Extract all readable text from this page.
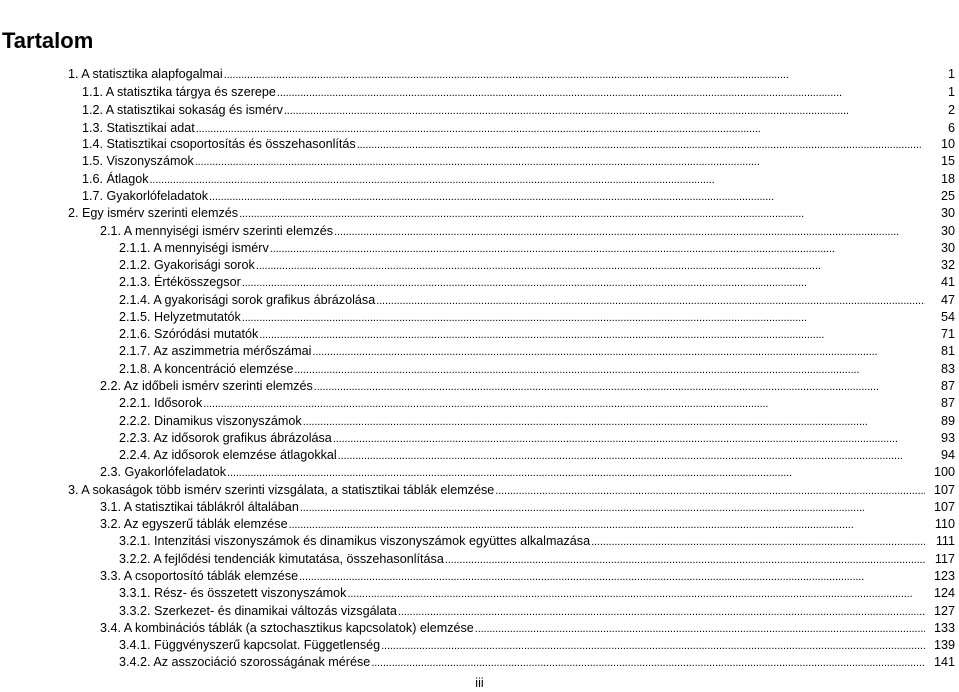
Tartalom
1. A statisztika alapfogalmai . . .	1
1.1. A statisztika tárgya és szerepe . . .	1
1.2. A statisztikai sokaság és ismérv . . .	2
1.3. Statisztikai adat . . .	6
1.4. Statisztikai csoportosítás és összehasonlítás . . .	10
1.5. Viszonyszámok . . .	15
1.6. Átlagok . . .	18
1.7. Gyakorlófeladatok . . .	25
2. Egy ismérv szerinti elemzés . . .	30
2.1. A mennyiségi ismérv szerinti elemzés . . .	30
2.1.1. A mennyiségi ismérv . . .	30
2.1.2. Gyakorisági sorok . . .	32
2.1.3. Értékösszegsor . . .	41
2.1.4. A gyakorisági sorok grafikus ábrázolása . . .	47
2.1.5. Helyzetmutatók . . .	54
2.1.6. Szóródási mutatók . . .	71
2.1.7. Az aszimmetria mérőszámai . . .	81
2.1.8. A koncentráció elemzése . . .	83
2.2. Az időbeli ismérv szerinti elemzés . . .	87
2.2.1. Idősorok . . .	87
2.2.2. Dinamikus viszonyszámok . . .	89
2.2.3. Az idősorok grafikus ábrázolása . . .	93
2.2.4. Az idősorok elemzése átlagokkal . . .	94
2.3. Gyakorlófeladatok . . .	100
3. A sokaságok több ismérv szerinti vizsgálata, a statisztikai táblák elemzése . . .	107
3.1. A statisztikai táblákról általában . . .	107
3.2. Az egyszerű táblák elemzése . . .	110
3.2.1. Intenzitási viszonyszámok és dinamikus viszonyszámok együttes alkalmazása . . .	111
3.2.2. A fejlődési tendenciák kimutatása, összehasonlítása . . .	117
3.3. A csoportosító táblák elemzése . . .	123
3.3.1. Rész- és összetett viszonyszámok . . .	124
3.3.2. Szerkezet- és dinamikai változás vizsgálata . . .	127
3.4. A kombinációs táblák (a sztochasztikus kapcsolatok) elemzése . . .	133
3.4.1. Függvényszerű kapcsolat. Függetlenség . . .	139
3.4.2. Az asszociáció szorosságának mérése . . .	141
iii
